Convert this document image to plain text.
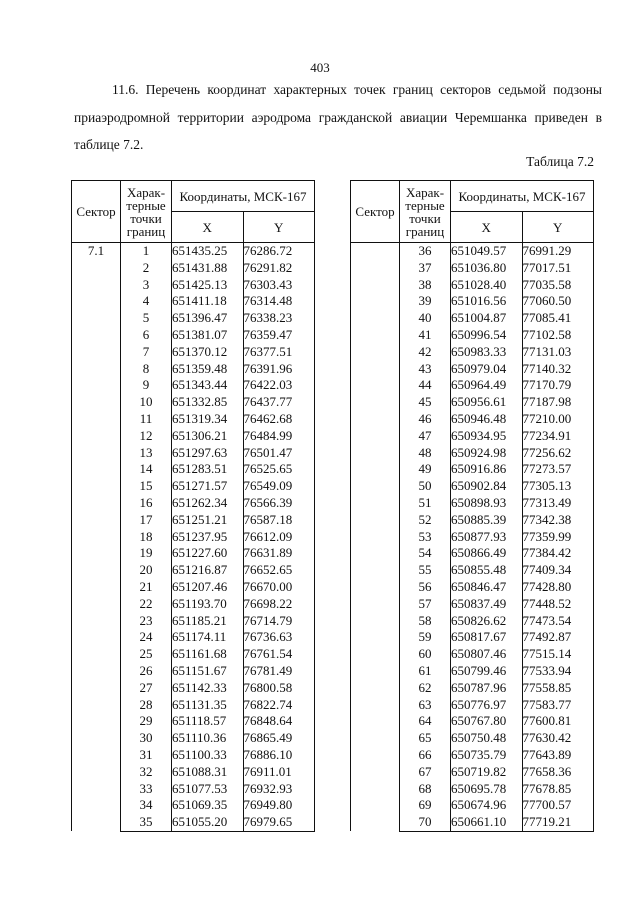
403
11.6. Перечень координат характерных точек границ секторов седьмой подзоны приаэродромной территории аэродрома гражданской авиации Черемшанка приведен в таблице 7.2.
Таблица 7.2
Сектор	Харак-терные точки границ	Координаты, МСК-167	
		X	Y
7.1	1	651435.25	76286.72
	2	651431.88	76291.82
	3	651425.13	76303.43
	4	651411.18	76314.48
	5	651396.47	76338.23
	6	651381.07	76359.47
	7	651370.12	76377.51
	8	651359.48	76391.96
	9	651343.44	76422.03
	10	651332.85	76437.77
	11	651319.34	76462.68
	12	651306.21	76484.99
	13	651297.63	76501.47
	14	651283.51	76525.65
	15	651271.57	76549.09
	16	651262.34	76566.39
	17	651251.21	76587.18
	18	651237.95	76612.09
	19	651227.60	76631.89
	20	651216.87	76652.65
	21	651207.46	76670.00
	22	651193.70	76698.22
	23	651185.21	76714.79
	24	651174.11	76736.63
	25	651161.68	76761.54
	26	651151.67	76781.49
	27	651142.33	76800.58
	28	651131.35	76822.74
	29	651118.57	76848.64
	30	651110.36	76865.49
	31	651100.33	76886.10
	32	651088.31	76911.01
	33	651077.53	76932.93
	34	651069.35	76949.80
	35	651055.20	76979.65
Сектор	Харак-терные точки границ	Координаты, МСК-167	
		X	Y
	36	651049.57	76991.29
	37	651036.80	77017.51
	38	651028.40	77035.58
	39	651016.56	77060.50
	40	651004.87	77085.41
	41	650996.54	77102.58
	42	650983.33	77131.03
	43	650979.04	77140.32
	44	650964.49	77170.79
	45	650956.61	77187.98
	46	650946.48	77210.00
	47	650934.95	77234.91
	48	650924.98	77256.62
	49	650916.86	77273.57
	50	650902.84	77305.13
	51	650898.93	77313.49
	52	650885.39	77342.38
	53	650877.93	77359.99
	54	650866.49	77384.42
	55	650855.48	77409.34
	56	650846.47	77428.80
	57	650837.49	77448.52
	58	650826.62	77473.54
	59	650817.67	77492.87
	60	650807.46	77515.14
	61	650799.46	77533.94
	62	650787.96	77558.85
	63	650776.97	77583.77
	64	650767.80	77600.81
	65	650750.48	77630.42
	66	650735.79	77643.89
	67	650719.82	77658.36
	68	650695.78	77678.85
	69	650674.96	77700.57
	70	650661.10	77719.21
